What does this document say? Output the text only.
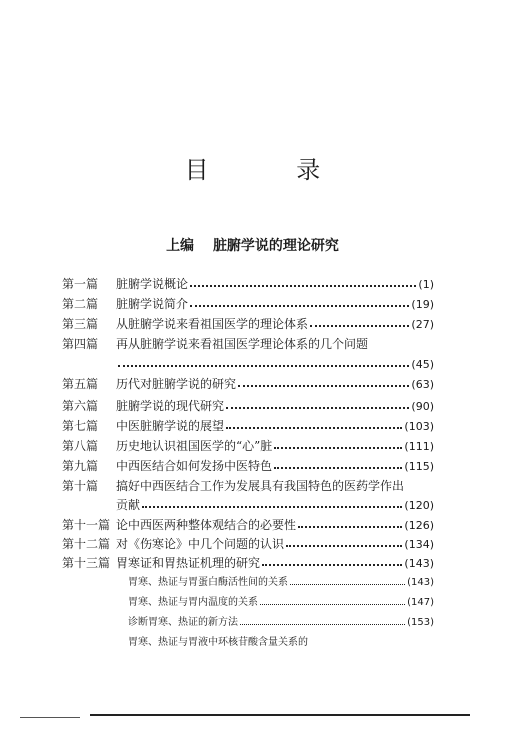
目 录
上编 脏腑学说的理论研究
第一篇 脏腑学说概论	(1)
第二篇 脏腑学说简介	(19)
第三篇 从脏腑学说来看祖国医学的理论体系	(27)
第四篇 再从脏腑学说来看祖国医学理论体系的几个问题
(45)
第五篇 历代对脏腑学说的研究	(63)
第六篇 脏腑学说的现代研究	(90)
第七篇 中医脏腑学说的展望	(103)
第八篇 历史地认识祖国医学的“心”脏	(111)
第九篇 中西医结合如何发扬中医特色	(115)
第十篇 搞好中西医结合工作为发展具有我国特色的医药学作出
贡献	(120)
第十一篇 论中西医两种整体观结合的必要性	(126)
第十二篇 对《伤寒论》中几个问题的认识	(134)
第十三篇 胃寒证和胃热证机理的研究	(143)
胃寒、热证与胃蛋白酶活性间的关系	(143)
胃寒、热证与胃内温度的关系	(147)
诊断胃寒、热证的新方法	(153)
胃寒、热证与胃液中环核苷酸含量关系的
